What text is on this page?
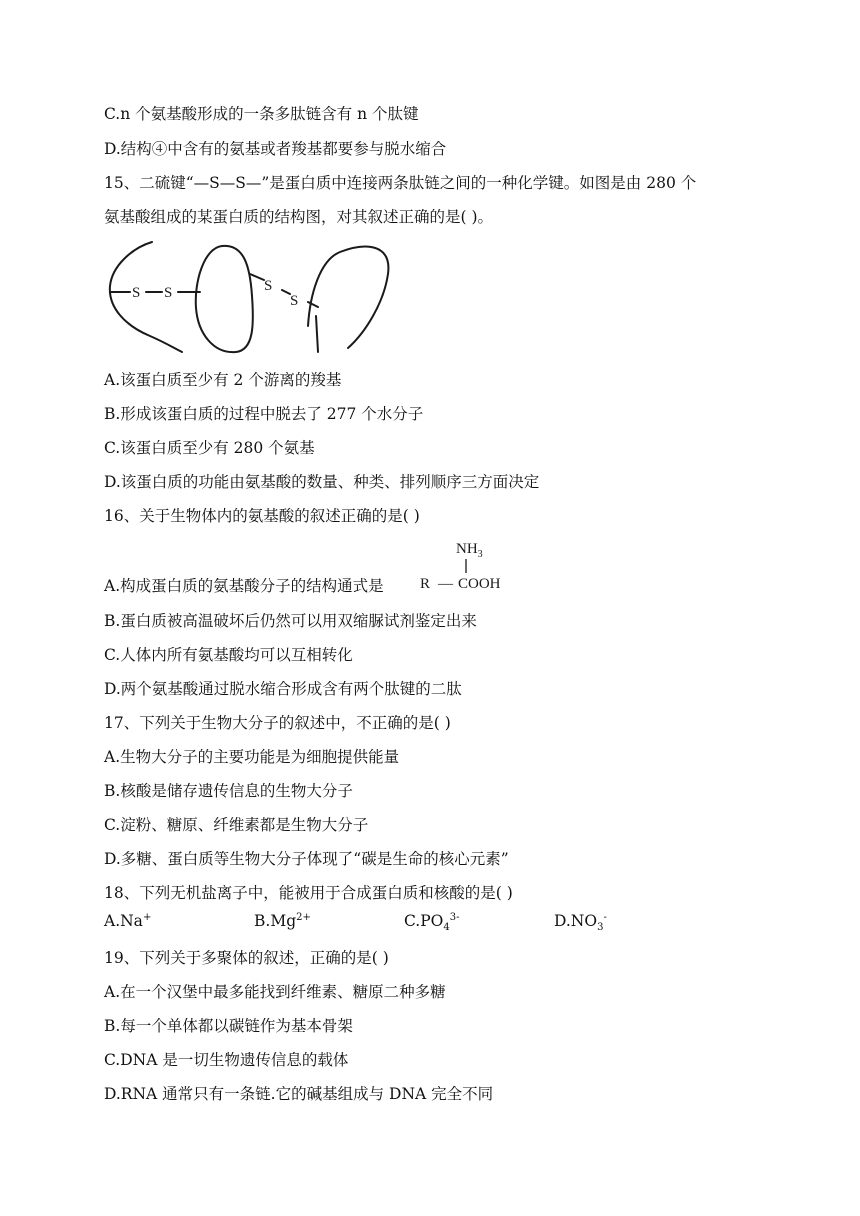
C.n 个氨基酸形成的一条多肽链含有 n 个肽键
D.结构④中含有的氨基或者羧基都要参与脱水缩合
15、二硫键“—S—S—”是蛋白质中连接两条肽链之间的一种化学键。如图是由 280 个
氨基酸组成的某蛋白质的结构图，对其叙述正确的是( )。
S S	S
S
A.该蛋白质至少有 2 个游离的羧基
B.形成该蛋白质的过程中脱去了 277 个水分子
C.该蛋白质至少有 280 个氨基
D.该蛋白质的功能由氨基酸的数量、种类、排列顺序三方面决定
16、关于生物体内的氨基酸的叙述正确的是( )
A.构成蛋白质的氨基酸分子的结构通式是
$NH_3$
R — COOH
B.蛋白质被高温破坏后仍然可以用双缩脲试剂鉴定出来
C.人体内所有氨基酸均可以互相转化
D.两个氨基酸通过脱水缩合形成含有两个肽键的二肽
17、下列关于生物大分子的叙述中，不正确的是( )
A.生物大分子的主要功能是为细胞提供能量
B.核酸是储存遗传信息的生物大分子
C.淀粉、糖原、纤维素都是生物大分子
D.多糖、蛋白质等生物大分子体现了“碳是生命的核心元素”
18、下列无机盐离子中，能被用于合成蛋白质和核酸的是( )
A.Na+	$B.Mg^{2+}$	$C.PO_4^{3-}$	$D.NO_3^-$
19、下列关于多聚体的叙述，正确的是( )
A.在一个汉堡中最多能找到纤维素、糖原二种多糖
B.每一个单体都以碳链作为基本骨架
C.DNA 是一切生物遗传信息的载体
D.RNA 通常只有一条链.它的碱基组成与 DNA 完全不同
